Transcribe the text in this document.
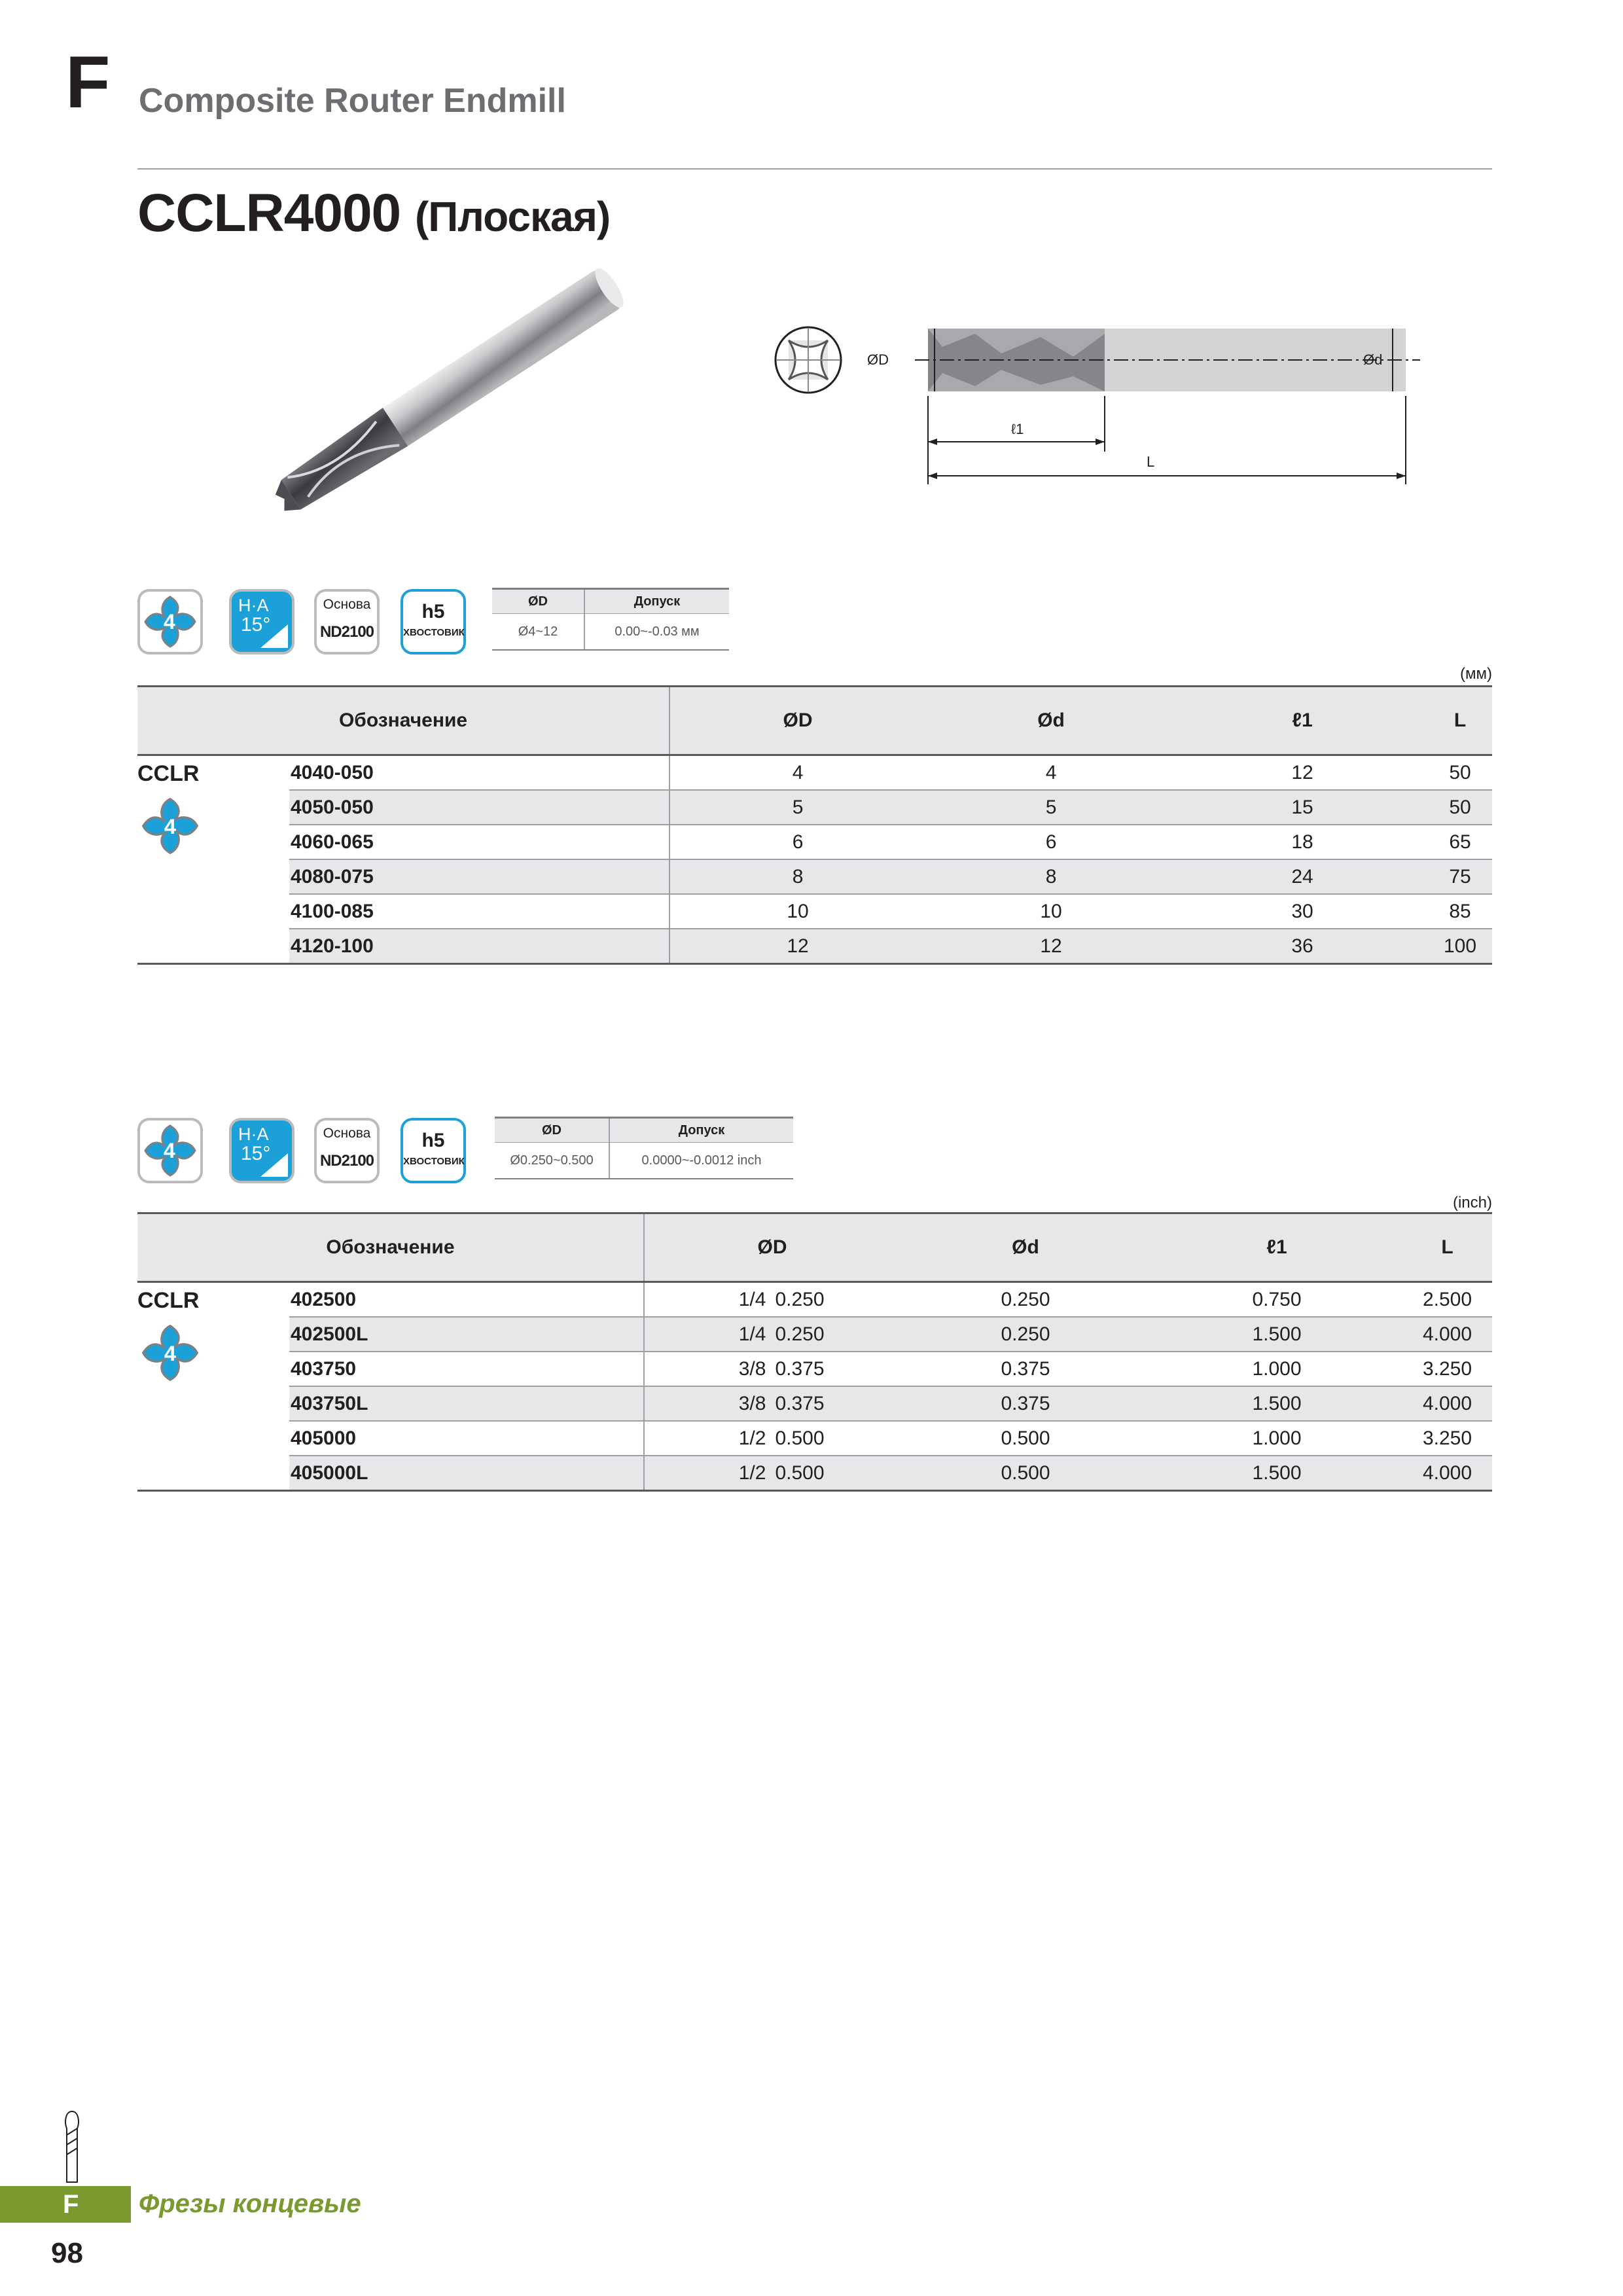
F Composite Router Endmill
CCLR4000 (Плоская)
ØD	Ød
ℓ1
L
4
H·A
15°
Основа
ND2100
h5
ХВОСТОВИК
ØD	Допуск
Ø4~12	0.00~-0.03 мм
(мм)
Обозначение		ØD	Ød	ℓ1	L

CCLR
4	4040-050	4	4	12	50
	4050-050	5	5	15	50
	4060-065	6	6	18	65
	4080-075	8	8	24	75
	4100-085	10	10	30	85
	4120-100	12	12	36	100
4
H·A
15°
Основа
ND2100
h5
ХВОСТОВИК
ØD	Допуск
Ø0.250~0.500	0.0000~-0.0012 inch
(inch)
Обозначение		ØD	Ød	ℓ1	L

CCLR
4	402500	1/4 0.250	0.250	0.750	2.500
	402500L	1/4 0.250	0.250	1.500	4.000
	403750	3/8 0.375	0.375	1.000	3.250
	403750L	3/8 0.375	0.375	1.500	4.000
	405000	1/2 0.500	0.500	1.000	3.250
	405000L	1/2 0.500	0.500	1.500	4.000
F Фрезы концевые
98
